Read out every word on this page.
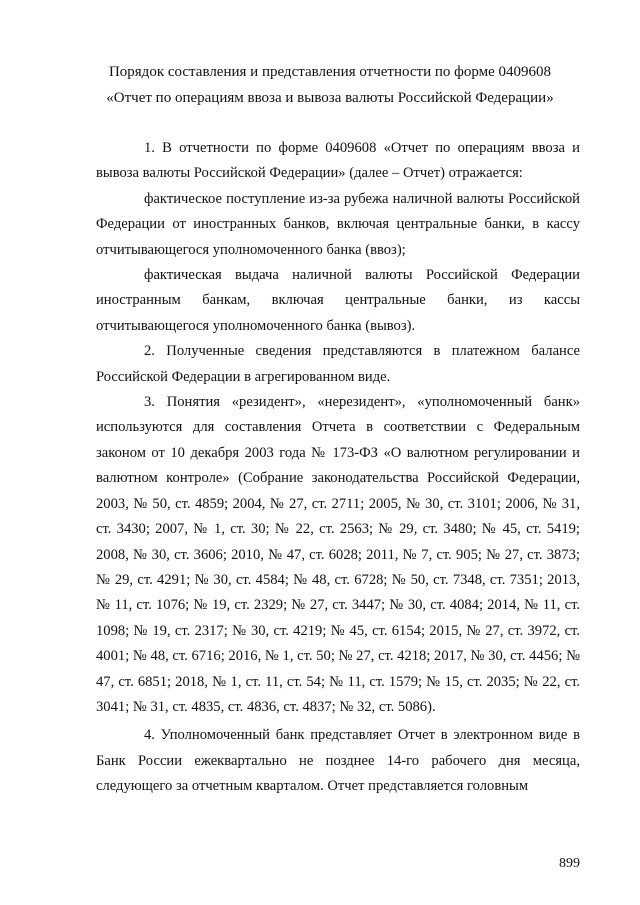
Порядок составления и представления отчетности по форме 0409608
«Отчет по операциям ввоза и вывоза валюты Российской Федерации»

1. В отчетности по форме 0409608 «Отчет по операциям ввоза и вывоза валюты Российской Федерации» (далее – Отчет) отражается:

фактическое поступление из-за рубежа наличной валюты Российской Федерации от иностранных банков, включая центральные банки, в кассу отчитывающегося уполномоченного банка (ввоз);

фактическая выдача наличной валюты Российской Федерации иностранным банкам, включая центральные банки, из кассы отчитывающегося уполномоченного банка (вывоз).

2. Полученные сведения представляются в платежном балансе Российской Федерации в агрегированном виде.

3. Понятия «резидент», «нерезидент», «уполномоченный банк» используются для составления Отчета в соответствии с Федеральным законом от 10 декабря 2003 года № 173-ФЗ «О валютном регулировании и валютном контроле» (Собрание законодательства Российской Федерации, 2003, № 50, ст. 4859; 2004, № 27, ст. 2711; 2005, № 30, ст. 3101; 2006, № 31, ст. 3430; 2007, № 1, ст. 30; № 22, ст. 2563; № 29, ст. 3480; № 45, ст. 5419; 2008, № 30, ст. 3606; 2010, № 47, ст. 6028; 2011, № 7, ст. 905; № 27, ст. 3873; № 29, ст. 4291; № 30, ст. 4584; № 48, ст. 6728; № 50, ст. 7348, ст. 7351; 2013, № 11, ст. 1076; № 19, ст. 2329; № 27, ст. 3447; № 30, ст. 4084; 2014, № 11, ст. 1098; № 19, ст. 2317; № 30, ст. 4219; № 45, ст. 6154; 2015, № 27, ст. 3972, ст. 4001; № 48, ст. 6716; 2016, № 1, ст. 50; № 27, ст. 4218; 2017, № 30, ст. 4456; № 47, ст. 6851; 2018, № 1, ст. 11, ст. 54; № 11, ст. 1579; № 15, ст. 2035; № 22, ст. 3041; № 31, ст. 4835, ст. 4836, ст. 4837; № 32, ст. 5086).

4. Уполномоченный банк представляет Отчет в электронном виде в Банк России ежеквартально не позднее 14-го рабочего дня месяца, следующего за отчетным кварталом. Отчет представляется головным

899
